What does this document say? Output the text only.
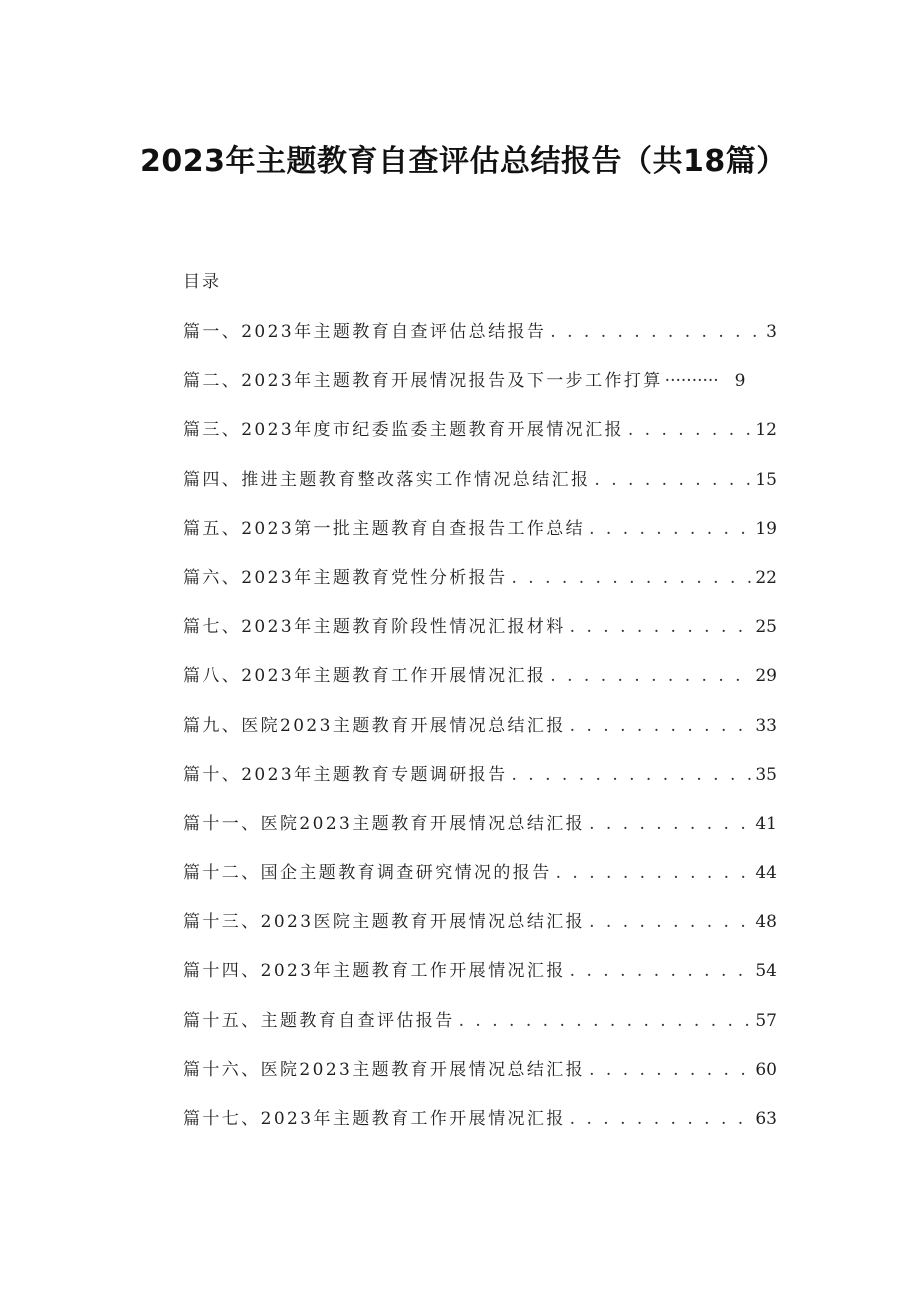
2023年主题教育自查评估总结报告（共18篇）
目录
篇一、2023年主题教育自查评估总结报告 . . .	3
篇二、2023年主题教育开展情况报告及下一步工作打算 ·····	9
篇三、2023年度市纪委监委主题教育开展情况汇报 . . .	12
篇四、推进主题教育整改落实工作情况总结汇报 . . .	15
篇五、2023第一批主题教育自查报告工作总结 . . .	19
篇六、2023年主题教育党性分析报告 . . .	22
篇七、2023年主题教育阶段性情况汇报材料 . . .	25
篇八、2023年主题教育工作开展情况汇报 . . .	29
篇九、医院2023主题教育开展情况总结汇报 . . .	33
篇十、2023年主题教育专题调研报告 . . .	35
篇十一、医院2023主题教育开展情况总结汇报 . . .	41
篇十二、国企主题教育调查研究情况的报告 . . .	44
篇十三、2023医院主题教育开展情况总结汇报 . . .	48
篇十四、2023年主题教育工作开展情况汇报 . . .	54
篇十五、主题教育自查评估报告 . . .	57
篇十六、医院2023主题教育开展情况总结汇报 . . .	60
篇十七、2023年主题教育工作开展情况汇报 . . .	63
